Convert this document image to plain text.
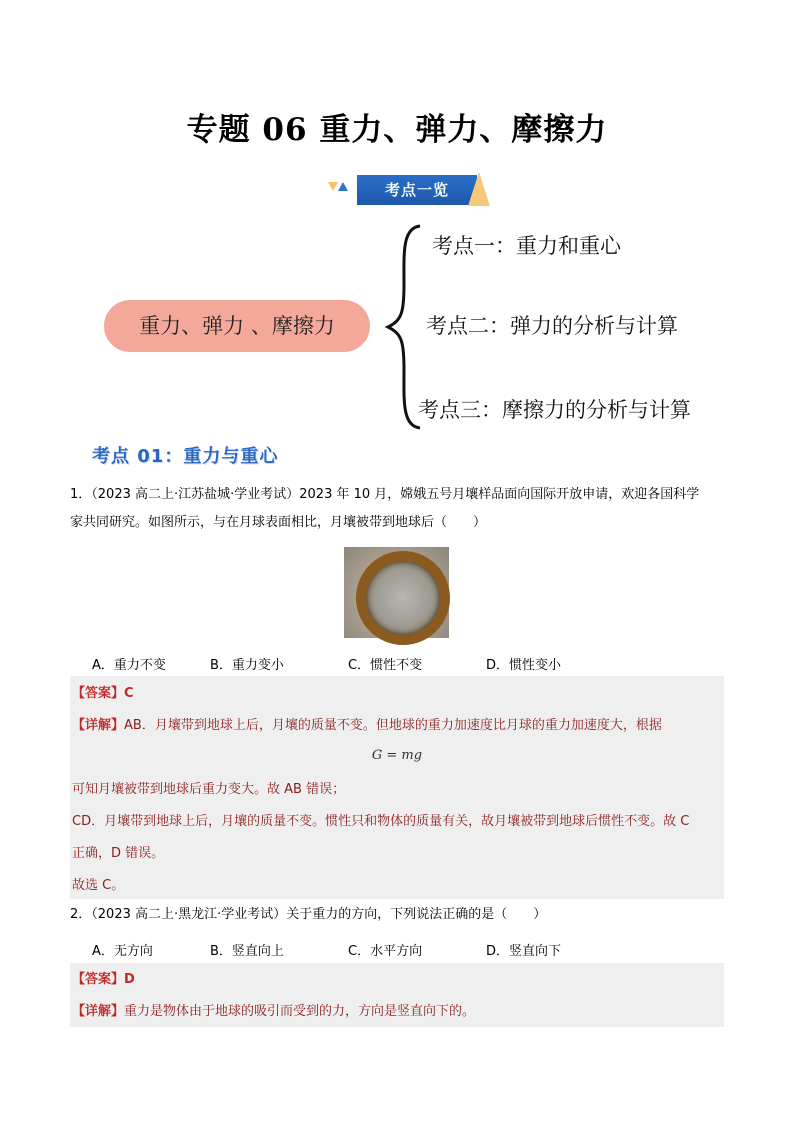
专题 06 重力、弹力、摩擦力
考点一览
重力、弹力 、摩擦力
考点一：重力和重心
考点二：弹力的分析与计算
考点三：摩擦力的分析与计算
考点 01：重力与重心
1．（2023 高二上·江苏盐城·学业考试）2023 年 10 月，嫦娥五号月壤样品面向国际开放申请，欢迎各国科学
家共同研究。如图所示，与在月球表面相比，月壤被带到地球后（　　）
A．重力不变	B．重力变小	C．惯性不变	D．惯性变小
【答案】C
【详解】AB．月壤带到地球上后，月壤的质量不变。但地球的重力加速度比月球的重力加速度大，根据
G = mg
可知月壤被带到地球后重力变大。故 AB 错误；
CD．月壤带到地球上后，月壤的质量不变。惯性只和物体的质量有关，故月壤被带到地球后惯性不变。故 C
正确，D 错误。
故选 C。
2．（2023 高二上·黑龙江·学业考试）关于重力的方向，下列说法正确的是（　　）
A．无方向	B．竖直向上	C．水平方向	D．竖直向下
【答案】D
【详解】重力是物体由于地球的吸引而受到的力，方向是竖直向下的。
